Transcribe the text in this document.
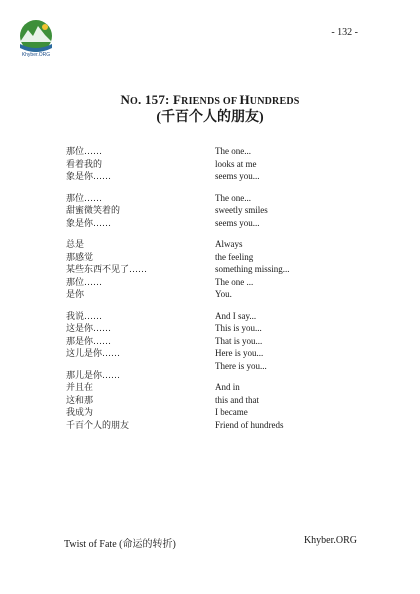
Khyber.ORG
- 132 -
NO. 157: FRIENDS OF HUNDREDS
(千百个人的朋友)
那位……
看着我的
象是你……
那位……
甜蜜微笑着的
象是你……
总是
那感觉
某些东西不见了……
那位……
是你
我说……
这是你……
那是你……
这儿是你……
那儿是你……
并且在
这和那
我成为
千百个人的朋友
The one...
looks at me
seems you...
The one...
sweetly smiles
seems you...
Always
the feeling
something missing...
The one ...
You.
And I say...
This is you...
That is you...
Here is you...
There is you...
And in
this and that
I became
Friend of hundreds
Twist of Fate (命运的转折)	Khyber.ORG
